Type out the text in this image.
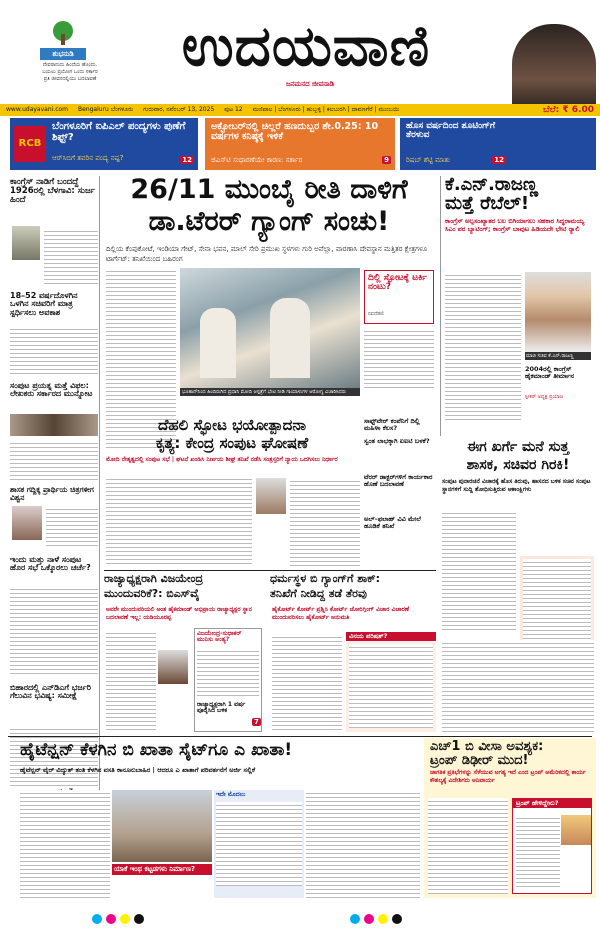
ಶುಭನುಡಿ
ದೇವರಾನುದು ಹಿಂದೆಯ ಹೊಂದು.
ಬಯಲು ಪ್ರಯೋಗ ಒಂದು ಸರ್ಕಾರ
ಪ್ರತಿ ಜೀವನದಲ್ಲಿಯು ಬದಲಾವಣೆ	ಉದಯವಾಣಿ
ಜನಮನದ ಜೀವನಾಡಿ
www.udayavani.com Bengaluru ಬೆಂಗಳೂರು ಗುರುವಾರ, ನವೆಂಬರ್ 13, 2025 ಪುಟ 12 ಮಣಿಪಾಲ | ಬೆಂಗಳೂರು | ಹುಬ್ಬಳ್ಳಿ | ಕಲಬುರಗಿ | ದಾವಣಗೆರೆ | ಮುಂಬಯಿ	ಬೆಲೆ: ₹ 6.00
RCB
ಬೆಂಗಳೂರಿಗೆ ಐಪಿಎಲ್ ಪಂದ್ಯಗಳು ಪುಣೆಗೆ ಶಿಫ್ಟ್?
ಆರ್‌ಸಿಬಿಗೆ ತವರಿನ ಪಂದ್ಯ ನಷ್ಟ?	12
ಅಕ್ಟೋಬರ್‌ನಲ್ಲಿ ಚಿಲ್ಲರೆ ಹಣದುಬ್ಬರ ಶೇ.0.25: 10 ವರ್ಷಗಳ ಕನಿಷ್ಠಕ್ಕೆ ಇಳಿಕೆ
ಜಿಎಸ್‌ಟಿ ಸುಧಾರಣೆಯೇ ಕಾರಣ: ಸರ್ಕಾರ	9
ಹೊಸ ವರ್ಷದಿಂದ ಶೂಟಿಂಗ್‌ಗೆ ತೆರಳುವ
ರಿಷಬ್ ಶೆಟ್ಟಿ ಮಾತು	12
ಕಾಂಗ್ರೆಸ್ ನಾಡಿಗೆ ಬಂದದ್ದೆ 1926ರಲ್ಲಿ ಬೆಳಗಾವಿ: ಸುರ್ಜ ಹಿಂದೆ
18–52 ವರ್ಷದೊಳಗಿನ ಒಳಗಿನ ಸಚಿವರಿಗೆ ಮಾತ್ರ ಸ್ಪರ್ಧಿಸಲು ಅವಕಾಶ
ಸಂಪುಟ ಪ್ರಯತ್ನ ಮತ್ತೆ ವಿಫಲ: ಲೇಖಕರು ಸರ್ಕಾರದ ಮುನ್ನೋಟ
ಶಾಸಕ ಗದ್ದಿಕ್ಕ ಪ್ರಾರ್ಥಿಯ ಚಿತ್ರಗಳೀಗ ವಿಶ್ವನ
ಇಂದು ಮತ್ತು ನಾಳೆ ಸಂಪುಟ ಹೊರ ಸಭೆ ಒಕ್ಕೊರಲು ಚರ್ಚೆ?
ಬಿಹಾರದಲ್ಲಿ ಎನ್‌ಡಿಎಗೆ ಭರ್ಜರಿ ಗೆಲುವಿನ ಭವಿಷ್ಯ: ಸಮೀಕ್ಷೆ
26/11 ಮುಂಬೈ ರೀತಿ ದಾಳಿಗೆ
ಡಾ.ಟೆರರ್ ಗ್ಯಾಂಗ್ ಸಂಚು!
ದಿಲ್ಲಿಯ ಕೆಂಪುಕೋಟೆ, ಇಂಡಿಯಾ ಗೇಟ್, ಸೇನಾ ಭವನ, ಮಾಲ್ ಸೇರಿ ಪ್ರಮುಖ ಸ್ಥಳಗಳು ಗುರಿ ಅವೆಲ್ಲಾ, ವಾರಣಾಸಿ ದೇವಸ್ಥಾನ ಮತ್ತಿತರ ಕ್ಷೇತ್ರಗಳೂ ಟಾರ್ಗೆಟ್: ತನಿಖೆಯಿಂದ ಬಹಿರಂಗ
ಭೂತಾನ್‌ನಿಂದ ಹಿಂದಿರುಗಿದ ಪ್ರಧಾನಿ ಮೋದಿ ಆಸ್ಪತ್ರೆಗೆ ಭೇಟಿ ನೀಡಿ ಗಾಯಾಳುಗಳ ಆರೋಗ್ಯ ವಿಚಾರಿಸಿದರು
ದಿಲ್ಲಿ ಸ್ಫೋಟಕ್ಕೆ ಟರ್ಕಿ ನಂಟು?
ನವದೆಹಲಿ
ಸಾಫ್ಟ್‌ವೇರ್ ಕಂಪೆನಿಗೆ ದಿಲ್ಲಿ ಮಹಿಳಾ ಕೆಲಸ?
ಸ್ವಂತ ಲಾಭಕ್ಕಾಗಿ ಐಐಟಿ ಬಳಕೆ?
ಟೆರರ್ ಡಾಕ್ಟರ್‌ಗಳಿಗೆ ಕಾರ್ಯಕಾರ ಹೊಣೆ ಬದಲಾವಣೆ
ಅಲ್‌–ಫಲಾಹ್ ವಿವಿ ಮೇಲೆ ಹೂಡಿಕೆ ತನಿಖೆ
ಕೆ.ಎನ್.ರಾಜಣ್ಣ
ಮತ್ತೆ ರೆಬೆಲ್!
ಕಾಂಗ್ರೆಸ್ ಅಲ್ಪಸಂಖ್ಯಾತರ ಬಲ ಬಿಗಿಯಾಗಲು ಸಹಕಾರ ಸಿದ್ಧರಾಮಯ್ಯ ಸಿಎಂ ಪರ ಬ್ಯಾಟಿಂಗ್; ಕಾಂಗ್ರೆಸ್ ಬಾವುಟ ಹಿಡಿಯದೇ ಭೇಟಿ ರ‍್ಯಾಲಿ
ಮಾಜಿ ಸಚಿವ ಕೆ.ಎನ್.ರಾಜಣ್ಣ
2004ರಲ್ಲಿ ಕಾಂಗ್ರೆಸ್ ಹೈಕಮಾಂಡ್ ತೀರ್ಮಾನ
ಸ್ಪೀಕರ್ ಅಧ್ಯಕ್ಷ ಪ್ರಯಾಣ
ದೆಹಲಿ ಸ್ಫೋಟ ಭಯೋತ್ಪಾದನಾ
ಕೃತ್ಯ: ಕೇಂದ್ರ ಸಂಪುಟ ಘೋಷಣೆ
ಮೋದಿ ನೇತೃತ್ವದಲ್ಲಿ ಸಂಪುಟ ಸಭೆ | ಘಟನೆ ಖಂಡಿಸಿ ನಿರ್ಣಯ ಶೀಘ್ರ ತನಿಖೆ ನಡೆಸಿ ಸಂತ್ರಸ್ತರಿಗೆ ನ್ಯಾಯ ಒದಗಿಸಲು ನಿರ್ಧಾರ
ಈಗ ಖರ್ಗೆ ಮನೆ ಸುತ್ತ
ಶಾಸಕ, ಸಚಿವರ ಗಿರಕಿ!
ಸಂಪುಟ ಪುನಾರಚನೆ ವಿಚಾರಕ್ಕೆ ಹೊಸ ತಿರುವು, ಹಾಸನದ ಬಳಿಕ ಸಚಿವ ಸಂಪುಟ ಸ್ಥಾನಗಳಿಗೆ ಸುದ್ದಿ ಶೋಧಿಸುತ್ತಿರುವ ಆಕಾಂಕ್ಷಿಗಳು
ರಾಜ್ಯಾಧ್ಯಕ್ಷರಾಗಿ ವಿಜಯೇಂದ್ರ
ಮುಂದುವರಿಕೆ?: ಬಿಎಸ್‌ವೈ
ಅವರೇ ಮುಂದುವರಿಯಲಿ ಅಂತ ಹೈಕಮಾಂಡ್ ಅಭಿಪ್ರಾಯ ರಾಜ್ಯಾಧ್ಯಕ್ಷರ ಸ್ಥಾನ ಬದಲಾವಣೆ ಇಲ್ಲ: ಯಡಿಯೂರಪ್ಪ
ವಿಜಯೇಂದ್ರ-ಸುಧಾಕರ್ ಮುನಿಸು ಅಂತ್ಯ?
ರಾಜ್ಯಾಧ್ಯಕ್ಷರಾಗಿ 1 ವರ್ಷ ಪೂರೈಸಿದ ಬಳಿಕ
7
ಧರ್ಮಸ್ಥಳ ಬಿ ಗ್ಯಾಂಗ್‌ಗೆ ಶಾಕ್:
ತನಿಖೆಗೆ ನೀಡಿದ್ದ ತಡೆ ತೆರವು
ಹೈಕೋರ್ಟ್ ಕೋರ್ಟ್ ಪ್ರಶ್ನಿಸಿ ಕೋರ್ಟ್ ಜೋರಿಗ್ಗಿಂಗ್ ವಿಚಾರ ವಿಚಾರಣೆ ಮುಂದುವರಿಸಲು ಹೈಕೋರ್ಟ್ ಅನುಮತಿ
ವಿನಯ ಪರಿಷತ್?
ಹೈಟೆನ್ಷನ್ ಕೆಳಗಿನ ಬಿ ಖಾತಾ ಸೈಟ್‌ಗೂ ಎ ಖಾತಾ!
ಹೈಟೆನ್ಷನ್ ವೈರ್ ವಿದ್ಯುತ್ ತಂತಿ ಕೆಳಗಿನ ವಸತಿ ಕಾನೂನುಬಾಹಿರ | ಆದರೂ ಎ ಖಾತಾಗೆ ಪರಿವರ್ತನೆಗೆ ಅರ್ಜಿ ಸಲ್ಲಿಕೆ
ಇದೇ ಮೊದಲು
ಯಾಕೆ ಇಂಥ ಕಟ್ಟಡಗಳು ನಿರ್ಮಾಣ?
ಎಚ್1 ಬಿ ವೀಸಾ ಅವಶ್ಯಕ:
ಟ್ರಂಪ್ ಡಿಢೀರ್ ಮುದ!
ಜಾಗತಿಕ ಪ್ರತಿಭೆಗಳನ್ನು ಸೆಳೆಯುವ ಅಗತ್ಯ ಇದೆ ಎಂದ ಟ್ರಂಪ್ ಅಮೆರಿಕದಲ್ಲಿ ಕಾರ್ಯ ಕೌಶಲ್ಯಕ್ಕೆ ವಿದೇಶಿಗರು ಅನಿವಾರ್ಯ
ಟ್ರಂಪ್ ಹೇಳಿದ್ದೇನು?
